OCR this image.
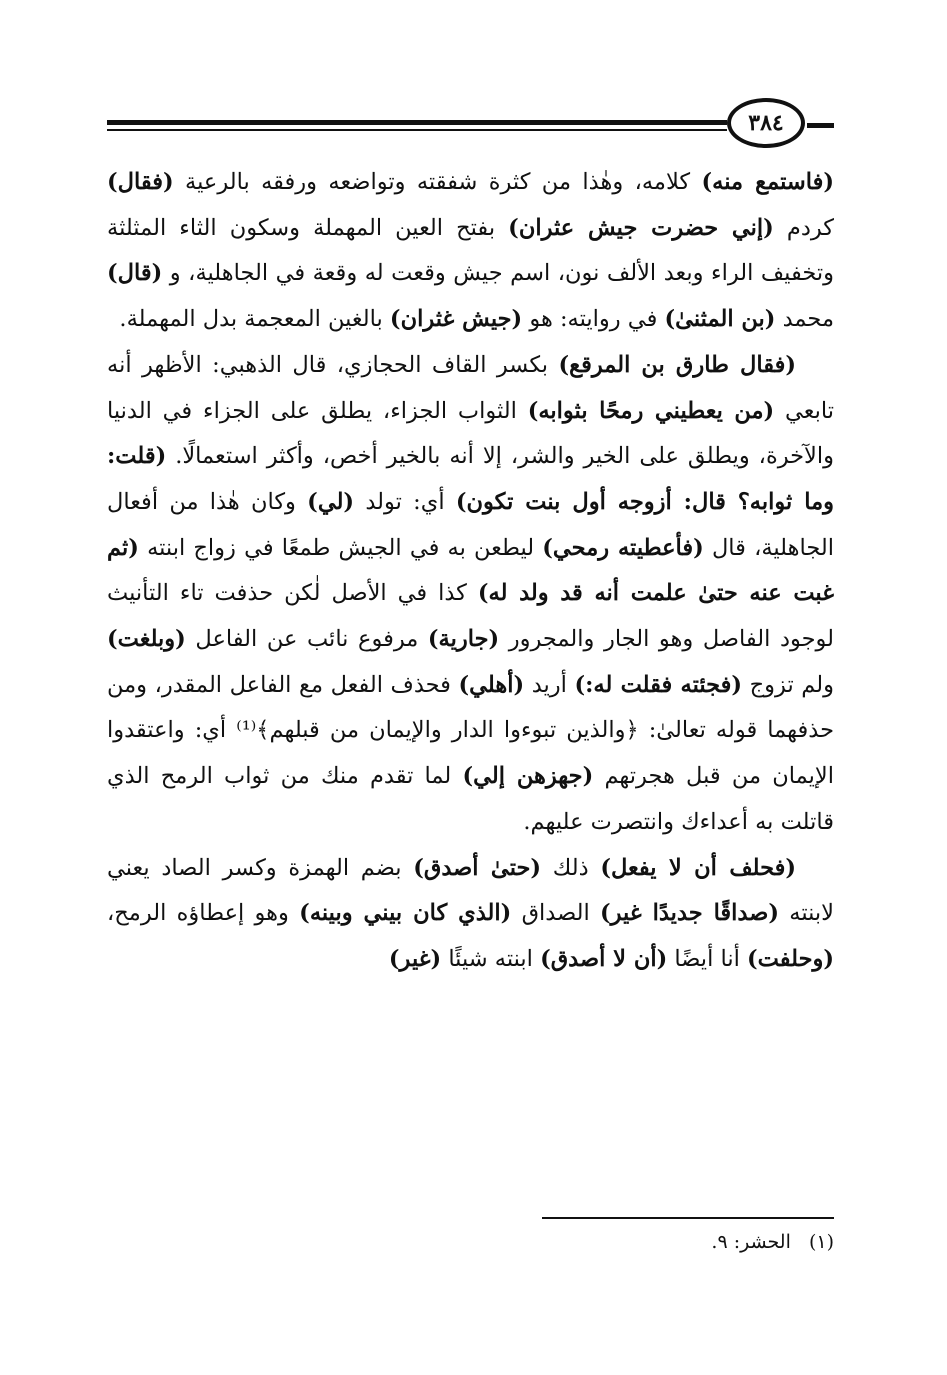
٣٨٤

(فاستمع منه) كلامه، وهٰذا من كثرة شفقته وتواضعه ورفقه بالرعية (فقال) كردم (إني حضرت جيش عثران) بفتح العين المهملة وسكون الثاء المثلثة وتخفيف الراء وبعد الألف نون، اسم جيش وقعت له وقعة في الجاهلية، و (قال) محمد (بن المثنىٰ) في روايته: هو (جيش غثران) بالغين المعجمة بدل المهملة.

(فقال طارق بن المرقع) بكسر القاف الحجازي، قال الذهبي: الأظهر أنه تابعي (من يعطيني رمحًا بثوابه) الثواب الجزاء، يطلق على الجزاء في الدنيا والآخرة، ويطلق على الخير والشر، إلا أنه بالخير أخص، وأكثر استعمالًا. (قلت: وما ثوابه؟ قال: أزوجه أول بنت تكون) أي: تولد (لي) وكان هٰذا من أفعال الجاهلية، قال (فأعطيته رمحي) ليطعن به في الجيش طمعًا في زواج ابنته (ثم غبت عنه حتىٰ علمت أنه قد ولد له) كذا في الأصل لٰكن حذفت تاء التأنيث لوجود الفاصل وهو الجار والمجرور (جارية) مرفوع نائب عن الفاعل (وبلغت) ولم تزوج (فجئته فقلت له:) أريد (أهلي) فحذف الفعل مع الفاعل المقدر، ومن حذفهما قوله تعالىٰ: ﴿والذين تبوءوا الدار والإيمان من قبلهم﴾⁽¹⁾ أي: واعتقدوا الإيمان من قبل هجرتهم (جهزهن إلي) لما تقدم منك من ثواب الرمح الذي قاتلت به أعداءك وانتصرت عليهم.

(فحلف أن لا يفعل) ذلك (حتىٰ أصدق) بضم الهمزة وكسر الصاد يعني لابنته (صداقًا جديدًا غير) الصداق (الذي كان بيني وبينه) وهو إعطاؤه الرمح، (وحلفت) أنا أيضًا (أن لا أصدق) ابنته شيئًا (غير)

(١) الحشر: ٩.
